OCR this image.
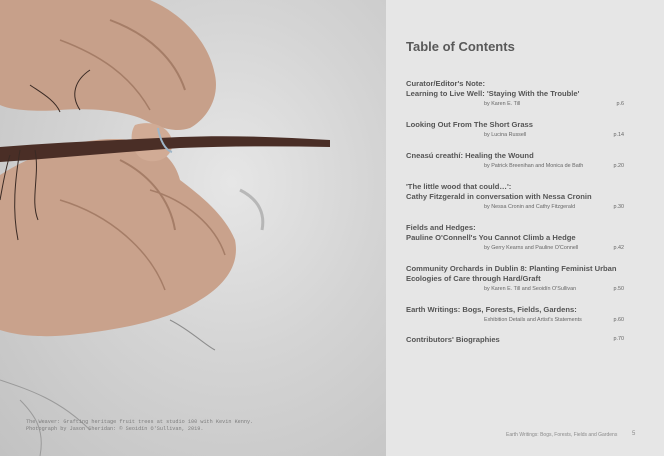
The Weaver: Grafting heritage fruit trees at studio 100 with Kevin Kenny.
Photograph by Jason Sheridan: © Seoidín O'Sullivan, 2019.
Table of Contents
Curator/Editor's Note:
Learning to Live Well: 'Staying With the Trouble'
by Karen E. Till	p.6
Looking Out From The Short Grass
by Lucina Russell	p.14
Cneasú creathí: Healing the Wound
by Patrick Breenihan and Monica de Bath	p.20
'The little wood that could…':
Cathy Fitzgerald in conversation with Nessa Cronin
by Nessa Cronin and Cathy Fitzgerald	p.30
Fields and Hedges:
Pauline O'Connell's You Cannot Climb a Hedge
by Gerry Kearns and Pauline O'Connell	p.42
Community Orchards in Dublin 8: Planting Feminist Urban
Ecologies of Care through Hard/Graft
by Karen E. Till and Seoidín O'Sullivan	p.50
Earth Writings: Bogs, Forests, Fields, Gardens:
Exhibition Details and Artist's Statements	p.60
Contributors' Biographies	p.70
Earth Writings: Bogs, Forests, Fields and Gardens 5
